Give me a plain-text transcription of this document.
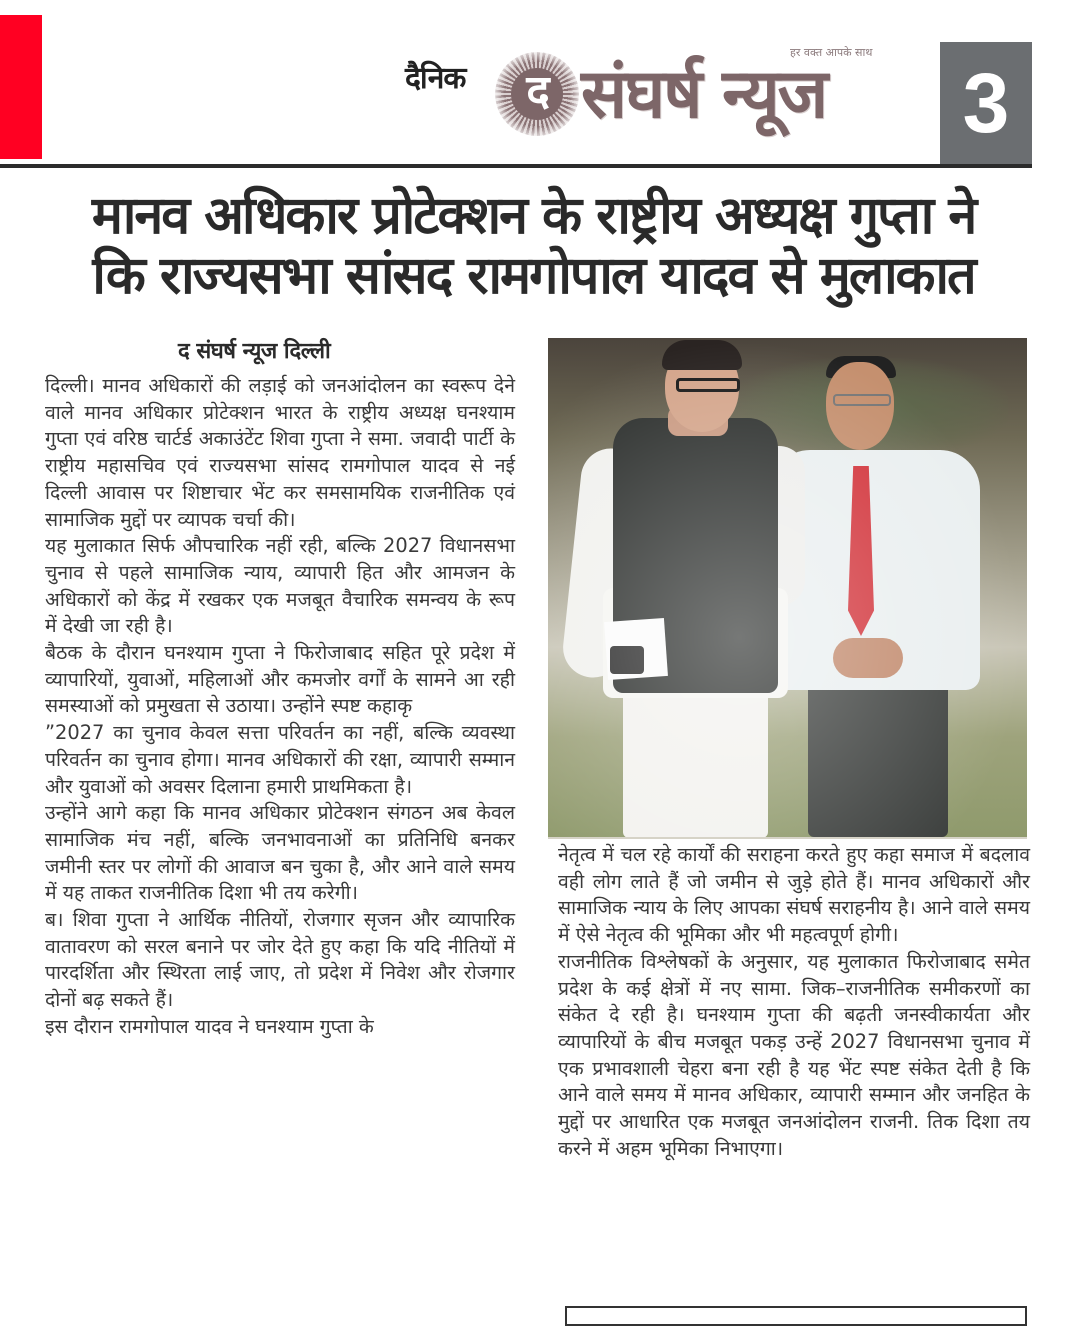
दैनिक	द संघर्ष न्यूज
हर वक्त आपके साथ
3
मानव अधिकार प्रोटेक्शन के राष्ट्रीय अध्यक्ष गुप्ता ने
कि राज्यसभा सांसद रामगोपाल यादव से मुलाकात
द संघर्ष न्यूज दिल्ली

दिल्ली। मानव अधिकारों की लड़ाई को जनआंदोलन का स्वरूप देने वाले मानव अधिकार प्रोटेक्शन भारत के राष्ट्रीय अध्यक्ष घनश्याम गुप्ता एवं वरिष्ठ चार्टर्ड अकाउंटेंट शिवा गुप्ता ने समा. जवादी पार्टी के राष्ट्रीय महासचिव एवं राज्यसभा सांसद रामगोपाल यादव से नई दिल्ली आवास पर शिष्टाचार भेंट कर समसामयिक राजनीतिक एवं सामाजिक मुद्दों पर व्यापक चर्चा की।

यह मुलाकात सिर्फ औपचारिक नहीं रही, बल्कि 2027 विधानसभा चुनाव से पहले सामाजिक न्याय, व्यापारी हित और आमजन के अधिकारों को केंद्र में रखकर एक मजबूत वैचारिक समन्वय के रूप में देखी जा रही है।

बैठक के दौरान घनश्याम गुप्ता ने फिरोजाबाद सहित पूरे प्रदेश में व्यापारियों, युवाओं, महिलाओं और कमजोर वर्गों के सामने आ रही समस्याओं को प्रमुखता से उठाया। उन्होंने स्पष्ट कहाकृ

”2027 का चुनाव केवल सत्ता परिवर्तन का नहीं, बल्कि व्यवस्था परिवर्तन का चुनाव होगा। मानव अधिकारों की रक्षा, व्यापारी सम्मान और युवाओं को अवसर दिलाना हमारी प्राथमिकता है।

उन्होंने आगे कहा कि मानव अधिकार प्रोटेक्शन संगठन अब केवल सामाजिक मंच नहीं, बल्कि जनभावनाओं का प्रतिनिधि बनकर जमीनी स्तर पर लोगों की आवाज बन चुका है, और आने वाले समय में यह ताकत राजनीतिक दिशा भी तय करेगी।

ब। शिवा गुप्ता ने आर्थिक नीतियों, रोजगार सृजन और व्यापारिक वातावरण को सरल बनाने पर जोर देते हुए कहा कि यदि नीतियों में पारदर्शिता और स्थिरता लाई जाए, तो प्रदेश में निवेश और रोजगार दोनों बढ़ सकते हैं।

इस दौरान रामगोपाल यादव ने घनश्याम गुप्ता के

नेतृत्व में चल रहे कार्यों की सराहना करते हुए कहा समाज में बदलाव वही लोग लाते हैं जो जमीन से जुड़े होते हैं। मानव अधिकारों और सामाजिक न्याय के लिए आपका संघर्ष सराहनीय है। आने वाले समय में ऐसे नेतृत्व की भूमिका और भी महत्वपूर्ण होगी।

राजनीतिक विश्लेषकों के अनुसार, यह मुलाकात फिरोजाबाद समेत प्रदेश के कई क्षेत्रों में नए सामा. जिक–राजनीतिक समीकरणों का संकेत दे रही है। घनश्याम गुप्ता की बढ़ती जनस्वीकार्यता और व्यापारियों के बीच मजबूत पकड़ उन्हें 2027 विधानसभा चुनाव में एक प्रभावशाली चेहरा बना रही है यह भेंट स्पष्ट संकेत देती है कि आने वाले समय में मानव अधिकार, व्यापारी सम्मान और जनहित के मुद्दों पर आधारित एक मजबूत जनआंदोलन राजनी. तिक दिशा तय करने में अहम भूमिका निभाएगा।
